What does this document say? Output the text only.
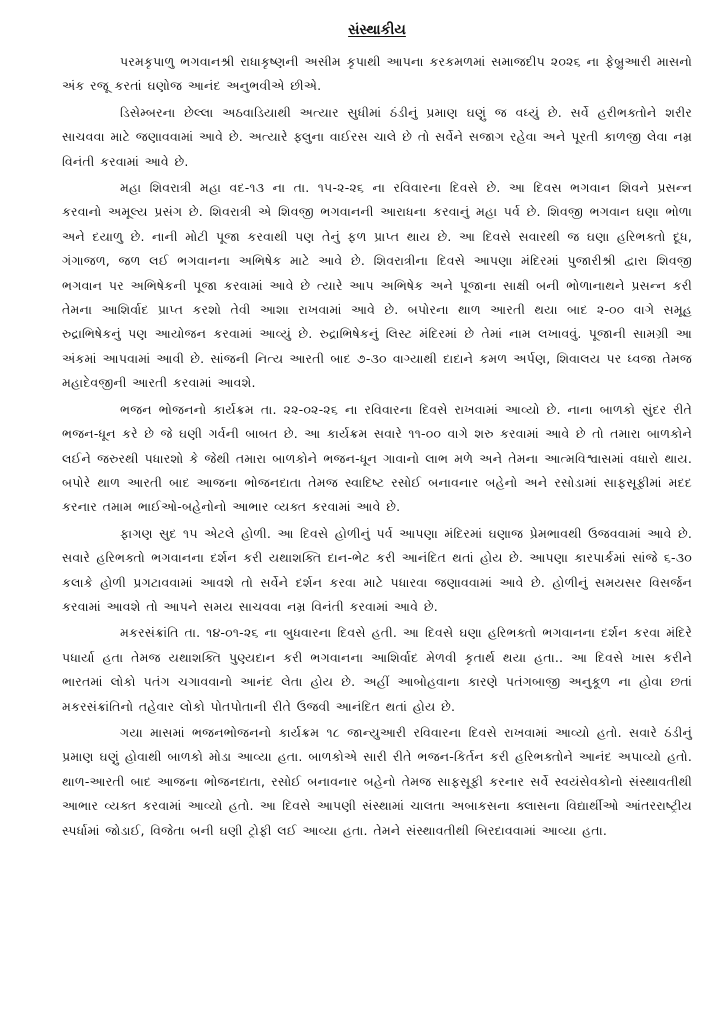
સંસ્થાકીય

પરમકૃપાળુ ભગવાનશ્રી રાધાકૃષ્ણની અસીમ કૃપાથી આપના કરકમળમાં સમાજદીપ ૨૦૨૬ ના ફેબ્રુઆરી માસનો અંક રજૂ કરતાં ઘણોજ આનંદ અનુભવીએ છીએ.

ડિસેમ્બરના છેલ્લા અઠવાડિયાથી અત્યાર સુધીમાં ઠંડીનું પ્રમાણ ઘણું જ વધ્યું છે. સર્વે હરીભક્તોને શરીર સાચવવા માટે જણાવવામાં આવે છે. અત્યારે ફ્લુના વાઈરસ ચાલે છે તો સર્વેને સજાગ રહેવા અને પૂરતી કાળજી લેવા નમ્ર વિનંતી કરવામાં આવે છે.

મહા શિવરાત્રી મહા વદ-૧૩ ના તા. ૧૫-૨-૨૬ ના રવિવારના દિવસે છે. આ દિવસ ભગવાન શિવને પ્રસન્ન કરવાનો અમૂલ્ય પ્રસંગ છે. શિવરાત્રી એ શિવજી ભગવાનની આરાધના કરવાનું મહા પર્વ છે. શિવજી ભગવાન ઘણા ભોળા અને દયાળુ છે. નાની મોટી પૂજા કરવાથી પણ તેનું ફળ પ્રાપ્ત થાય છે. આ દિવસે સવારથી જ ઘણા હરિભક્તો દૂધ, ગંગાજળ, જળ લઈ ભગવાનના અભિષેક માટે આવે છે. શિવરાત્રીના દિવસે આપણા મંદિરમાં પુજારીશ્રી દ્વારા શિવજી ભગવાન પર અભિષેકની પૂજા કરવામાં આવે છે ત્યારે આપ અભિષેક અને પૂજાના સાક્ષી બની ભોળાનાથને પ્રસન્ન કરી તેમના આશિર્વાદ પ્રાપ્ત કરશો તેવી આશા રાખવામાં આવે છે. બપોરના થાળ આરતી થયા બાદ ૨-૦૦ વાગે સમૂહ રુદ્રાભિષેકનું પણ આયોજન કરવામાં આવ્યું છે. રુદ્રાભિષેકનું લિસ્ટ મંદિરમાં છે તેમાં નામ લખાવવું. પૂજાની સામગ્રી આ અંકમાં આપવામાં આવી છે. સાંજની નિત્ય આરતી બાદ ૭-૩૦ વાગ્યાથી દાદાને કમળ અર્પણ, શિવાલય પર ધ્વજા તેમજ મહાદેવજીની આરતી કરવામાં આવશે.

ભજન ભોજનનો કાર્યક્રમ તા. ૨૨-૦૨-૨૬ ના રવિવારના દિવસે રાખવામાં આવ્યો છે. નાના બાળકો સુંદર રીતે ભજન-ધૂન કરે છે જે ઘણી ગર્વની બાબત છે. આ કાર્યક્રમ સવારે ૧૧-૦૦ વાગે શરુ કરવામાં આવે છે તો તમારા બાળકોને લઈને જરુરથી પધારશો કે જેથી તમારા બાળકોને ભજન-ધૂન ગાવાનો લાભ મળે અને તેમના આત્મવિશ્વાસમાં વધારો થાય. બપોરે થાળ આરતી બાદ આજના ભોજનદાતા તેમજ સ્વાદિષ્ટ રસોઈ બનાવનાર બહેનો અને રસોડામાં સાફસૂફીમાં મદદ કરનાર તમામ ભાઈઓ-બહેનોનો આભાર વ્યક્ત કરવામાં આવે છે.

ફાગણ સુદ ૧૫ એટલે હોળી. આ દિવસે હોળીનું પર્વ આપણા મંદિરમાં ઘણાજ પ્રેમભાવથી ઉજવવામાં આવે છે. સવારે હરિભક્તો ભગવાનના દર્શન કરી યથાશક્તિ દાન-ભેટ કરી આનંદિત થતાં હોય છે. આપણા કારપાર્કમાં સાંજે ૬-૩૦ કલાકે હોળી પ્રગટાવવામાં આવશે તો સર્વેને દર્શન કરવા માટે પધારવા જણાવવામાં આવે છે. હોળીનું સમયસર વિસર્જન કરવામાં આવશે તો આપને સમય સાચવવા નમ્ર વિનંતી કરવામાં આવે છે.

મકરસંક્રાંતિ તા. ૧૪-૦૧-૨૬ ના બુધવારના દિવસે હતી. આ દિવસે ઘણા હરિભક્તો ભગવાનના દર્શન કરવા મંદિરે પધાર્યા હતા તેમજ યથાશક્તિ પુણ્યદાન કરી ભગવાનના આશિર્વાદ મેળવી કૃતાર્થ થયા હતા.. આ દિવસે ખાસ કરીને ભારતમાં લોકો પતંગ ચગાવવાનો આનંદ લેતા હોય છે. અહીં આબોહવાના કારણે પતંગબાજી અનુકૂળ ના હોવા છતાં મકરસંક્રાંતિનો તહેવાર લોકો પોતપોતાની રીતે ઉજવી આનંદિત થતાં હોય છે.

ગયા માસમાં ભજનભોજનનો કાર્યક્રમ ૧૮ જાન્યુઆરી રવિવારના દિવસે રાખવામાં આવ્યો હતો. સવારે ઠંડીનું પ્રમાણ ઘણું હોવાથી બાળકો મોડા આવ્યા હતા. બાળકોએ સારી રીતે ભજન-કિર્તન કરી હરિભક્તોને આનંદ અપાવ્યો હતો. થાળ-આરતી બાદ આજના ભોજનદાતા, રસોઈ બનાવનાર બહેનો તેમજ સાફસૂફી કરનાર સર્વે સ્વયંસેવકોનો સંસ્થાવતીથી આભાર વ્યક્ત કરવામાં આવ્યો હતો. આ દિવસે આપણી સંસ્થામાં ચાલતા અબાકસના ક્લાસના વિદ્યાર્થીઓ આંતરરાષ્ટ્રીય સ્પર્ધામાં જોડાઈ, વિજેતા બની ઘણી ટ્રોફી લઈ આવ્યા હતા. તેમને સંસ્થાવતીથી બિરદાવવામાં આવ્યા હતા.
